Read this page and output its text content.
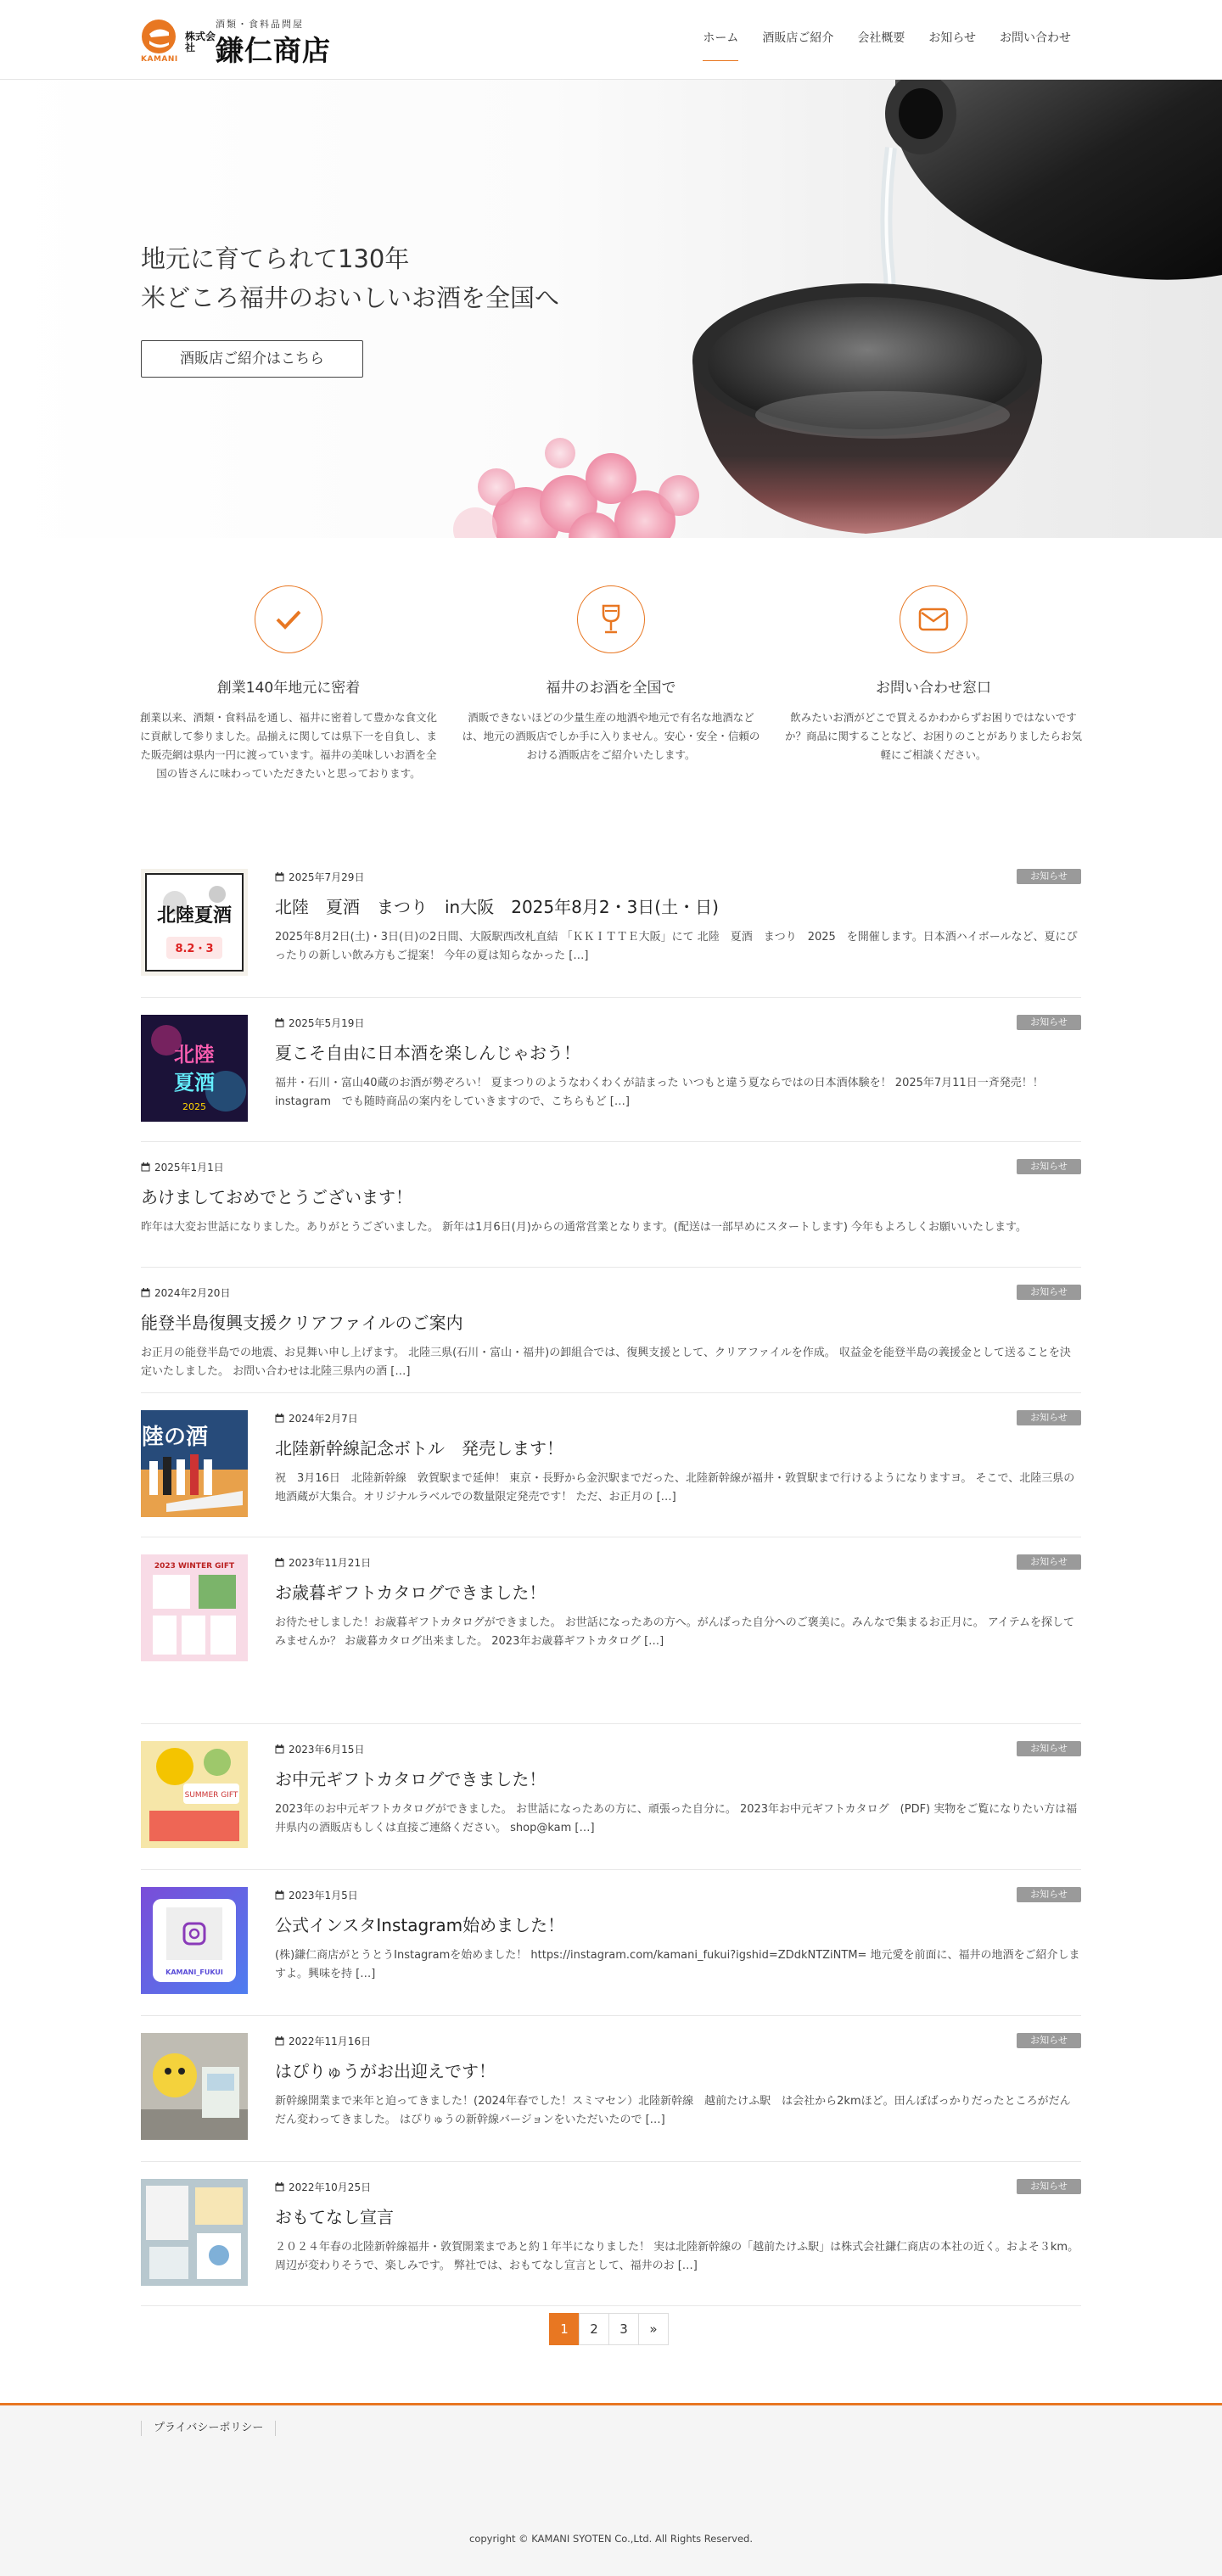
酒類・食料品問屋
株式会社 鎌仁商店
KAMANI
ホーム 酒販店ご紹介 会社概要 お知らせ お問い合わせ
地元に育てられて130年
米どころ福井のおいしいお酒を全国へ
酒販店ご紹介はこちら
創業140年地元に密着
創業以来、酒類・食料品を通し、福井に密着して豊かな食文化に貢献して参りました。品揃えに関しては県下一を自負し、また販売網は県内一円に渡っています。福井の美味しいお酒を全国の皆さんに味わっていただきたいと思っております。
福井のお酒を全国で
酒販できないほどの少量生産の地酒や地元で有名な地酒などは、地元の酒販店でしか手に入りません。安心・安全・信頼のおける酒販店をご紹介いたします。
お問い合わせ窓口
飲みたいお酒がどこで買えるかわからずお困りではないですか？商品に関することなど、お困りのことがありましたらお気軽にご相談ください。
北陸夏酒
8.2・3
2025年7月29日
北陸　夏酒　まつり　in大阪　2025年8月2・3日(土・日)
2025年8月2日(土)・3日(日)の2日間、大阪駅西改札直結 「ＫＫＩＴＴＥ大阪」にて 北陸　夏酒　まつり　2025　を開催します。日本酒ハイボールなど、夏にぴったりの新しい飲み方もご提案！ 今年の夏は知らなかった […]
お知らせ
北陸
夏酒
2025
2025年5月19日
夏こそ自由に日本酒を楽しんじゃおう！
福井・石川・富山40蔵のお酒が勢ぞろい！ 夏まつりのようなわくわくが詰まった いつもと違う夏ならではの日本酒体験を！ 2025年7月11日一斉発売！！ instagram　でも随時商品の案内をしていきますので、こちらもど […]
お知らせ
2025年1月1日
あけましておめでとうございます！
昨年は大変お世話になりました。ありがとうございました。 新年は1月6日(月)からの通常営業となります。(配送は一部早めにスタートします) 今年もよろしくお願いいたします。
お知らせ
2024年2月20日
能登半島復興支援クリアファイルのご案内
お正月の能登半島での地震、お見舞い申し上げます。 北陸三県(石川・富山・福井)の卸組合では、復興支援として、クリアファイルを作成。 収益金を能登半島の義援金として送ることを決定いたしました。 お問い合わせは北陸三県内の酒 […]
お知らせ
陸の酒
2024年2月7日
北陸新幹線記念ボトル　発売します！
祝　3月16日　北陸新幹線　敦賀駅まで延伸！ 東京・長野から金沢駅までだった、北陸新幹線が福井・敦賀駅まで行けるようになりますヨ。 そこで、北陸三県の地酒蔵が大集合。オリジナルラベルでの数量限定発売です！ ただ、お正月の […]
お知らせ
2023 WINTER GIFT	2023年11月21日
お歳暮ギフトカタログできました！
お待たせしました！お歳暮ギフトカタログができました。 お世話になったあの方へ。がんばった自分へのご褒美に。みんなで集まるお正月に。 アイテムを探してみませんか？ お歳暮カタログ出来ました。 2023年お歳暮ギフトカタログ […]
お知らせ
SUMMER GIFT
2023年6月15日
お中元ギフトカタログできました！
2023年のお中元ギフトカタログができました。 お世話になったあの方に、頑張った自分に。 2023年お中元ギフトカタログ　(PDF) 実物をご覧になりたい方は福井県内の酒販店もしくは直接ご連絡ください。 shop@kam […]
お知らせ
KAMANI_FUKUI
2023年1月5日
公式インスタInstagram始めました！
(株)鎌仁商店がとうとうInstagramを始めました！ https://instagram.com/kamani_fukui?igshid=ZDdkNTZiNTM= 地元愛を前面に、福井の地酒をご紹介しますよ。興味を持 […]
お知らせ
2022年11月16日
はぴりゅうがお出迎えです！
新幹線開業まで来年と迫ってきました！(2024年春でした！スミマセン）北陸新幹線　越前たけふ駅　は会社から2kmほど。田んぼばっかりだったところがだんだん変わってきました。 はぴりゅうの新幹線バージョンをいただいたので […]
お知らせ
2022年10月25日
おもてなし宣言
２０２４年春の北陸新幹線福井・敦賀開業まであと約１年半になりました！ 実は北陸新幹線の「越前たけふ駅」は株式会社鎌仁商店の本社の近く。およそ３km。周辺が変わりそうで、楽しみです。 弊社では、おもてなし宣言として、福井のお […]
お知らせ
1	2	3	»
プライバシーポリシー
copyright © KAMANI SYOTEN Co.,Ltd. All Rights Reserved.
